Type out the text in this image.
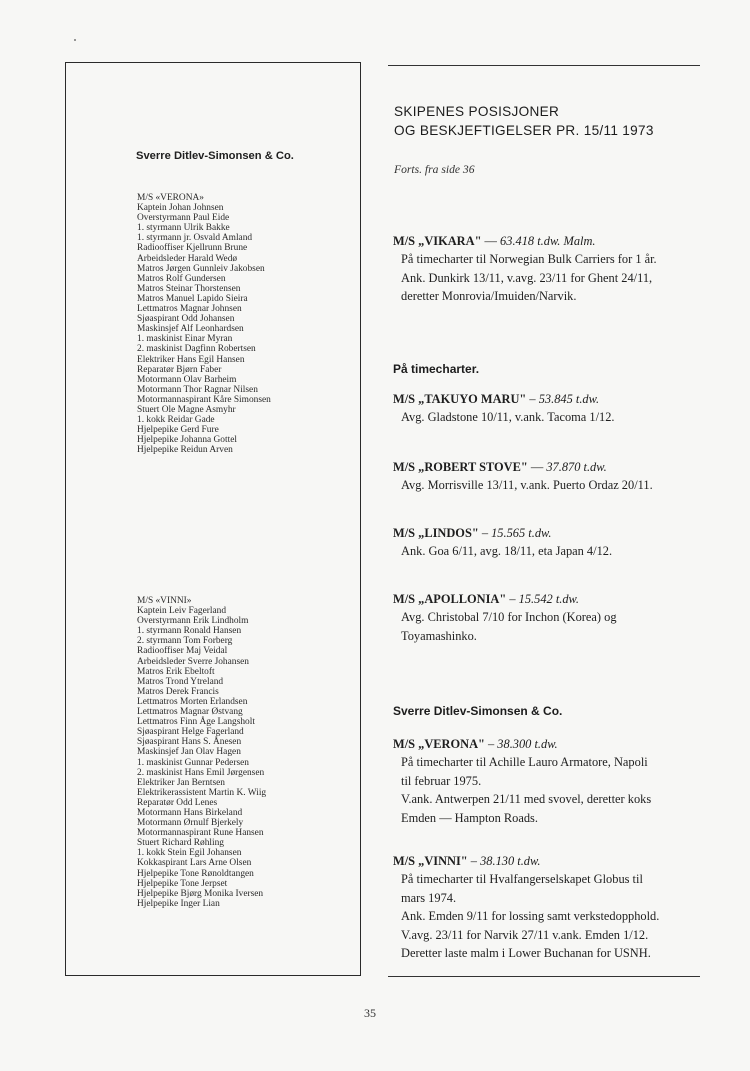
Sverre Ditlev-Simonsen & Co.
M/S «VERONA»
Kaptein Johan Johnsen
Overstyrmann Paul Eide
1. styrmann Ulrik Bakke
1. styrmann jr. Osvald Amland
Radiooffiser Kjellrunn Brune
Arbeidsleder Harald Wedø
Matros Jørgen Gunnleiv Jakobsen
Matros Rolf Gundersen
Matros Steinar Thorstensen
Matros Manuel Lapido Sieira
Lettmatros Magnar Johnsen
Sjøaspirant Odd Johansen
Maskinsjef Alf Leonhardsen
1. maskinist Einar Myran
2. maskinist Dagfinn Robertsen
Elektriker Hans Egil Hansen
Reparatør Bjørn Faber
Motormann Olav Barheim
Motormann Thor Ragnar Nilsen
Motormannaspirant Kåre Simonsen
Stuert Ole Magne Asmyhr
1. kokk Reidar Gade
Hjelpepike Gerd Fure
Hjelpepike Johanna Gottel
Hjelpepike Reidun Arven
M/S «VINNI»
Kaptein Leiv Fagerland
Overstyrmann Erik Lindholm
1. styrmann Ronald Hansen
2. styrmann Tom Forberg
Radiooffiser Maj Veidal
Arbeidsleder Sverre Johansen
Matros Erik Ebeltoft
Matros Trond Ytreland
Matros Derek Francis
Lettmatros Morten Erlandsen
Lettmatros Magnar Østvang
Lettmatros Finn Åge Langsholt
Sjøaspirant Helge Fagerland
Sjøaspirant Hans S. Ånesen
Maskinsjef Jan Olav Hagen
1. maskinist Gunnar Pedersen
2. maskinist Hans Emil Jørgensen
Elektriker Jan Berntsen
Elektrikerassistent Martin K. Wiig
Reparatør Odd Lenes
Motormann Hans Birkeland
Motormann Ørnulf Bjerkely
Motormannaspirant Rune Hansen
Stuert Richard Røhling
1. kokk Stein Egil Johansen
Kokkaspirant Lars Arne Olsen
Hjelpepike Tone Rønoldtangen
Hjelpepike Tone Jerpset
Hjelpepike Bjørg Monika Iversen
Hjelpepike Inger Lian
SKIPENES POSISJONER
OG BESKJEFTIGELSER PR. 15/11 1973
Forts. fra side 36
M/S „VIKARA" — 63.418 t.dw. Malm.
På timecharter til Norwegian Bulk Carriers for 1 år.
Ank. Dunkirk 13/11, v.avg. 23/11 for Ghent 24/11,
deretter Monrovia/Imuiden/Narvik.
På timecharter.
M/S „TAKUYO MARU" – 53.845 t.dw.
Avg. Gladstone 10/11, v.ank. Tacoma 1/12.
M/S „ROBERT STOVE" — 37.870 t.dw.
Avg. Morrisville 13/11, v.ank. Puerto Ordaz 20/11.
M/S „LINDOS" – 15.565 t.dw.
Ank. Goa 6/11, avg. 18/11, eta Japan 4/12.
M/S „APOLLONIA" – 15.542 t.dw.
Avg. Christobal 7/10 for Inchon (Korea) og
Toyamashinko.
Sverre Ditlev-Simonsen & Co.
M/S „VERONA" – 38.300 t.dw.
På timecharter til Achille Lauro Armatore, Napoli
til februar 1975.
V.ank. Antwerpen 21/11 med svovel, deretter koks
Emden — Hampton Roads.
M/S „VINNI" – 38.130 t.dw.
På timecharter til Hvalfangerselskapet Globus til
mars 1974.
Ank. Emden 9/11 for lossing samt verkstedopphold.
V.avg. 23/11 for Narvik 27/11 v.ank. Emden 1/12.
Deretter laste malm i Lower Buchanan for USNH.
35
